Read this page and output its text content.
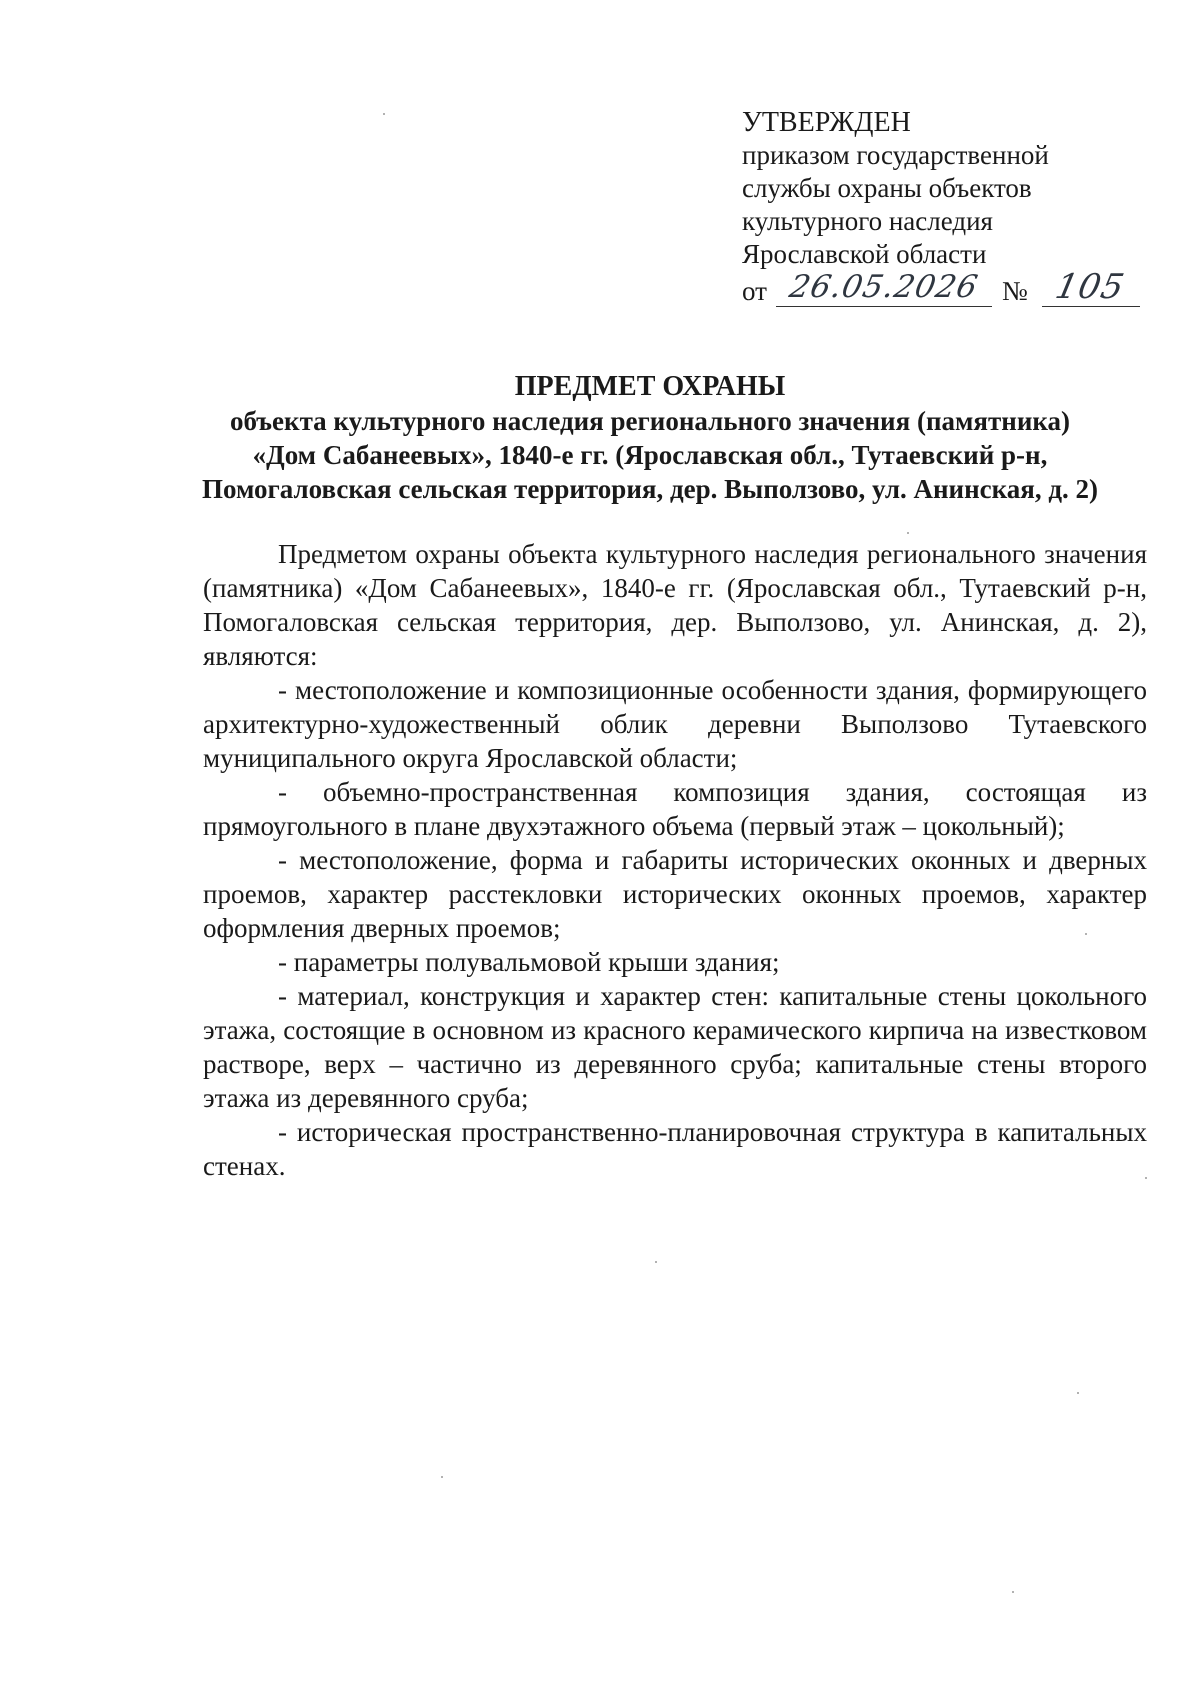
УТВЕРЖДЕН
приказом государственной
службы охраны объектов
культурного наследия
Ярославской области
от 26.05.2026 № 105
ПРЕДМЕТ ОХРАНЫ
объекта культурного наследия регионального значения (памятника)
«Дом Сабанеевых», 1840-е гг. (Ярославская обл., Тутаевский р-н,
Помогаловская сельская территория, дер. Выползово, ул. Анинская, д. 2)

Предметом охраны объекта культурного наследия регионального значения (памятника) «Дом Сабанеевых», 1840-е гг. (Ярославская обл., Тутаевский р-н, Помогаловская сельская территория, дер. Выползово, ул. Анинская, д. 2), являются:

- местоположение и композиционные особенности здания, формирующего архитектурно-художественный облик деревни Выползово Тутаевского муниципального округа Ярославской области;

- объемно-пространственная композиция здания, состоящая из прямоугольного в плане двухэтажного объема (первый этаж – цокольный);

- местоположение, форма и габариты исторических оконных и дверных проемов, характер расстекловки исторических оконных проемов, характер оформления дверных проемов;

- параметры полувальмовой крыши здания;

- материал, конструкция и характер стен: капитальные стены цокольного этажа, состоящие в основном из красного керамического кирпича на известковом растворе, верх – частично из деревянного сруба; капитальные стены второго этажа из деревянного сруба;

- историческая пространственно-планировочная структура в капитальных стенах.
